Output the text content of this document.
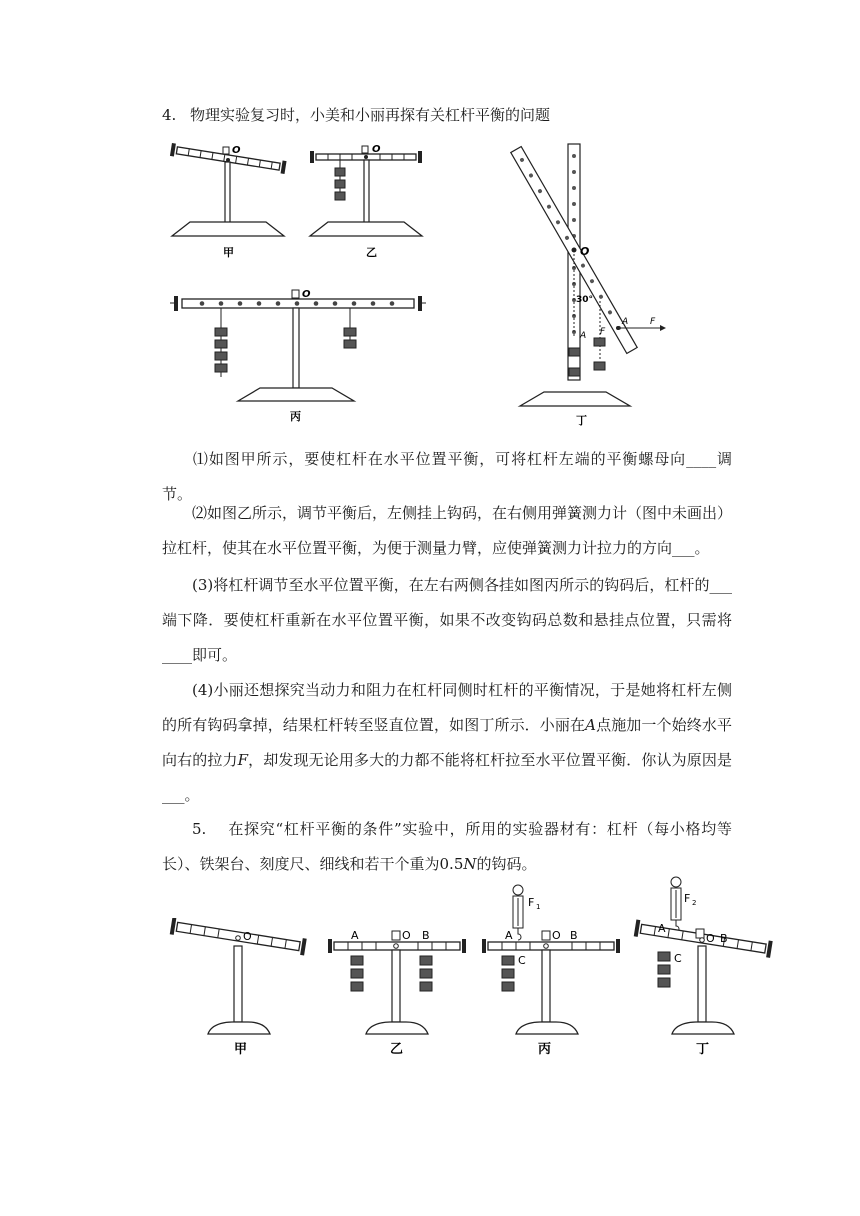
4. 物理实验复习时，小美和小丽再探有关杠杆平衡的问题
O
甲
O
乙
O
丙
O
30°
A F
A F
丁
⑴如图甲所示，要使杠杆在水平位置平衡，可将杠杆左端的平衡螺母向____调节。
⑵如图乙所示，调节平衡后，左侧挂上钩码，在右侧用弹簧测力计（图中未画出）拉杠杆，使其在水平位置平衡，为便于测量力臂，应使弹簧测力计拉力的方向___。
(3)将杠杆调节至水平位置平衡，在左右两侧各挂如图丙所示的钩码后，杠杆的___端下降．要使杠杆重新在水平位置平衡，如果不改变钩码总数和悬挂点位置，只需将____即可。
(4)小丽还想探究当动力和阻力在杠杆同侧时杠杆的平衡情况，于是她将杠杆左侧的所有钩码拿掉，结果杠杆转至竖直位置，如图丁所示．小丽在A点施加一个始终水平向右的拉力F，却发现无论用多大的力都不能将杠杆拉至水平位置平衡．你认为原因是___。
5. 在探究“杠杆平衡的条件”实验中，所用的实验器材有：杠杆（每小格均等长）、铁架台、刻度尺、细线和若干个重为0.5N的钩码。
O
甲
A	O B
乙
F 1
A	O B
C
丙
F 2
A
O B
C
丁
